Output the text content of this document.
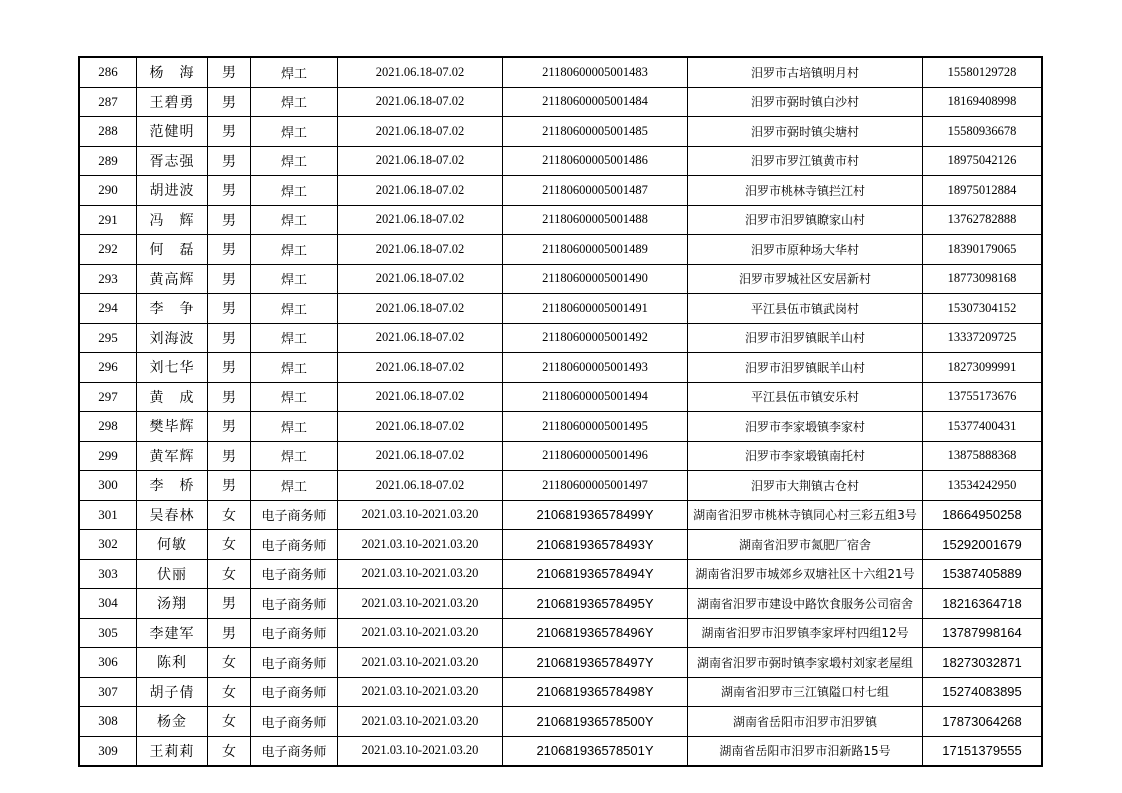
286	杨　海	男	焊工	2021.06.18-07.02	21180600005001483	汨罗市古培镇明月村	15580129728
287	王碧勇	男	焊工	2021.06.18-07.02	21180600005001484	汨罗市弼时镇白沙村	18169408998
288	范健明	男	焊工	2021.06.18-07.02	21180600005001485	汨罗市弼时镇尖塘村	15580936678
289	胥志强	男	焊工	2021.06.18-07.02	21180600005001486	汨罗市罗江镇黄市村	18975042126
290	胡进波	男	焊工	2021.06.18-07.02	21180600005001487	汨罗市桃林寺镇拦江村	18975012884
291	冯　辉	男	焊工	2021.06.18-07.02	21180600005001488	汨罗市汨罗镇瞭家山村	13762782888
292	何　磊	男	焊工	2021.06.18-07.02	21180600005001489	汨罗市原种场大华村	18390179065
293	黄高辉	男	焊工	2021.06.18-07.02	21180600005001490	汨罗市罗城社区安居新村	18773098168
294	李　争	男	焊工	2021.06.18-07.02	21180600005001491	平江县伍市镇武岗村	15307304152
295	刘海波	男	焊工	2021.06.18-07.02	21180600005001492	汨罗市汨罗镇眠羊山村	13337209725
296	刘七华	男	焊工	2021.06.18-07.02	21180600005001493	汨罗市汨罗镇眠羊山村	18273099991
297	黄　成	男	焊工	2021.06.18-07.02	21180600005001494	平江县伍市镇安乐村	13755173676
298	樊毕辉	男	焊工	2021.06.18-07.02	21180600005001495	汨罗市李家塅镇李家村	15377400431
299	黄军辉	男	焊工	2021.06.18-07.02	21180600005001496	汨罗市李家塅镇南托村	13875888368
300	李　桥	男	焊工	2021.06.18-07.02	21180600005001497	汨罗市大荆镇古仓村	13534242950
301	吴春林	女	电子商务师	2021.03.10-2021.03.20	210681936578499Y	湖南省汨罗市桃林寺镇同心村三彩五组3号	18664950258
302	何敏	女	电子商务师	2021.03.10-2021.03.20	210681936578493Y	湖南省汨罗市氮肥厂宿舍	15292001679
303	伏丽	女	电子商务师	2021.03.10-2021.03.20	210681936578494Y	湖南省汨罗市城郊乡双塘社区十六组21号	15387405889
304	汤翔	男	电子商务师	2021.03.10-2021.03.20	210681936578495Y	湖南省汨罗市建设中路饮食服务公司宿舍	18216364718
305	李建军	男	电子商务师	2021.03.10-2021.03.20	210681936578496Y	湖南省汨罗市汨罗镇李家坪村四组12号	13787998164
306	陈利	女	电子商务师	2021.03.10-2021.03.20	210681936578497Y	湖南省汨罗市弼时镇李家塅村刘家老屋组	18273032871
307	胡子倩	女	电子商务师	2021.03.10-2021.03.20	210681936578498Y	湖南省汨罗市三江镇隘口村七组	15274083895
308	杨金	女	电子商务师	2021.03.10-2021.03.20	210681936578500Y	湖南省岳阳市汨罗市汨罗镇	17873064268
309	王莉莉	女	电子商务师	2021.03.10-2021.03.20	210681936578501Y	湖南省岳阳市汨罗市汨新路15号	17151379555
